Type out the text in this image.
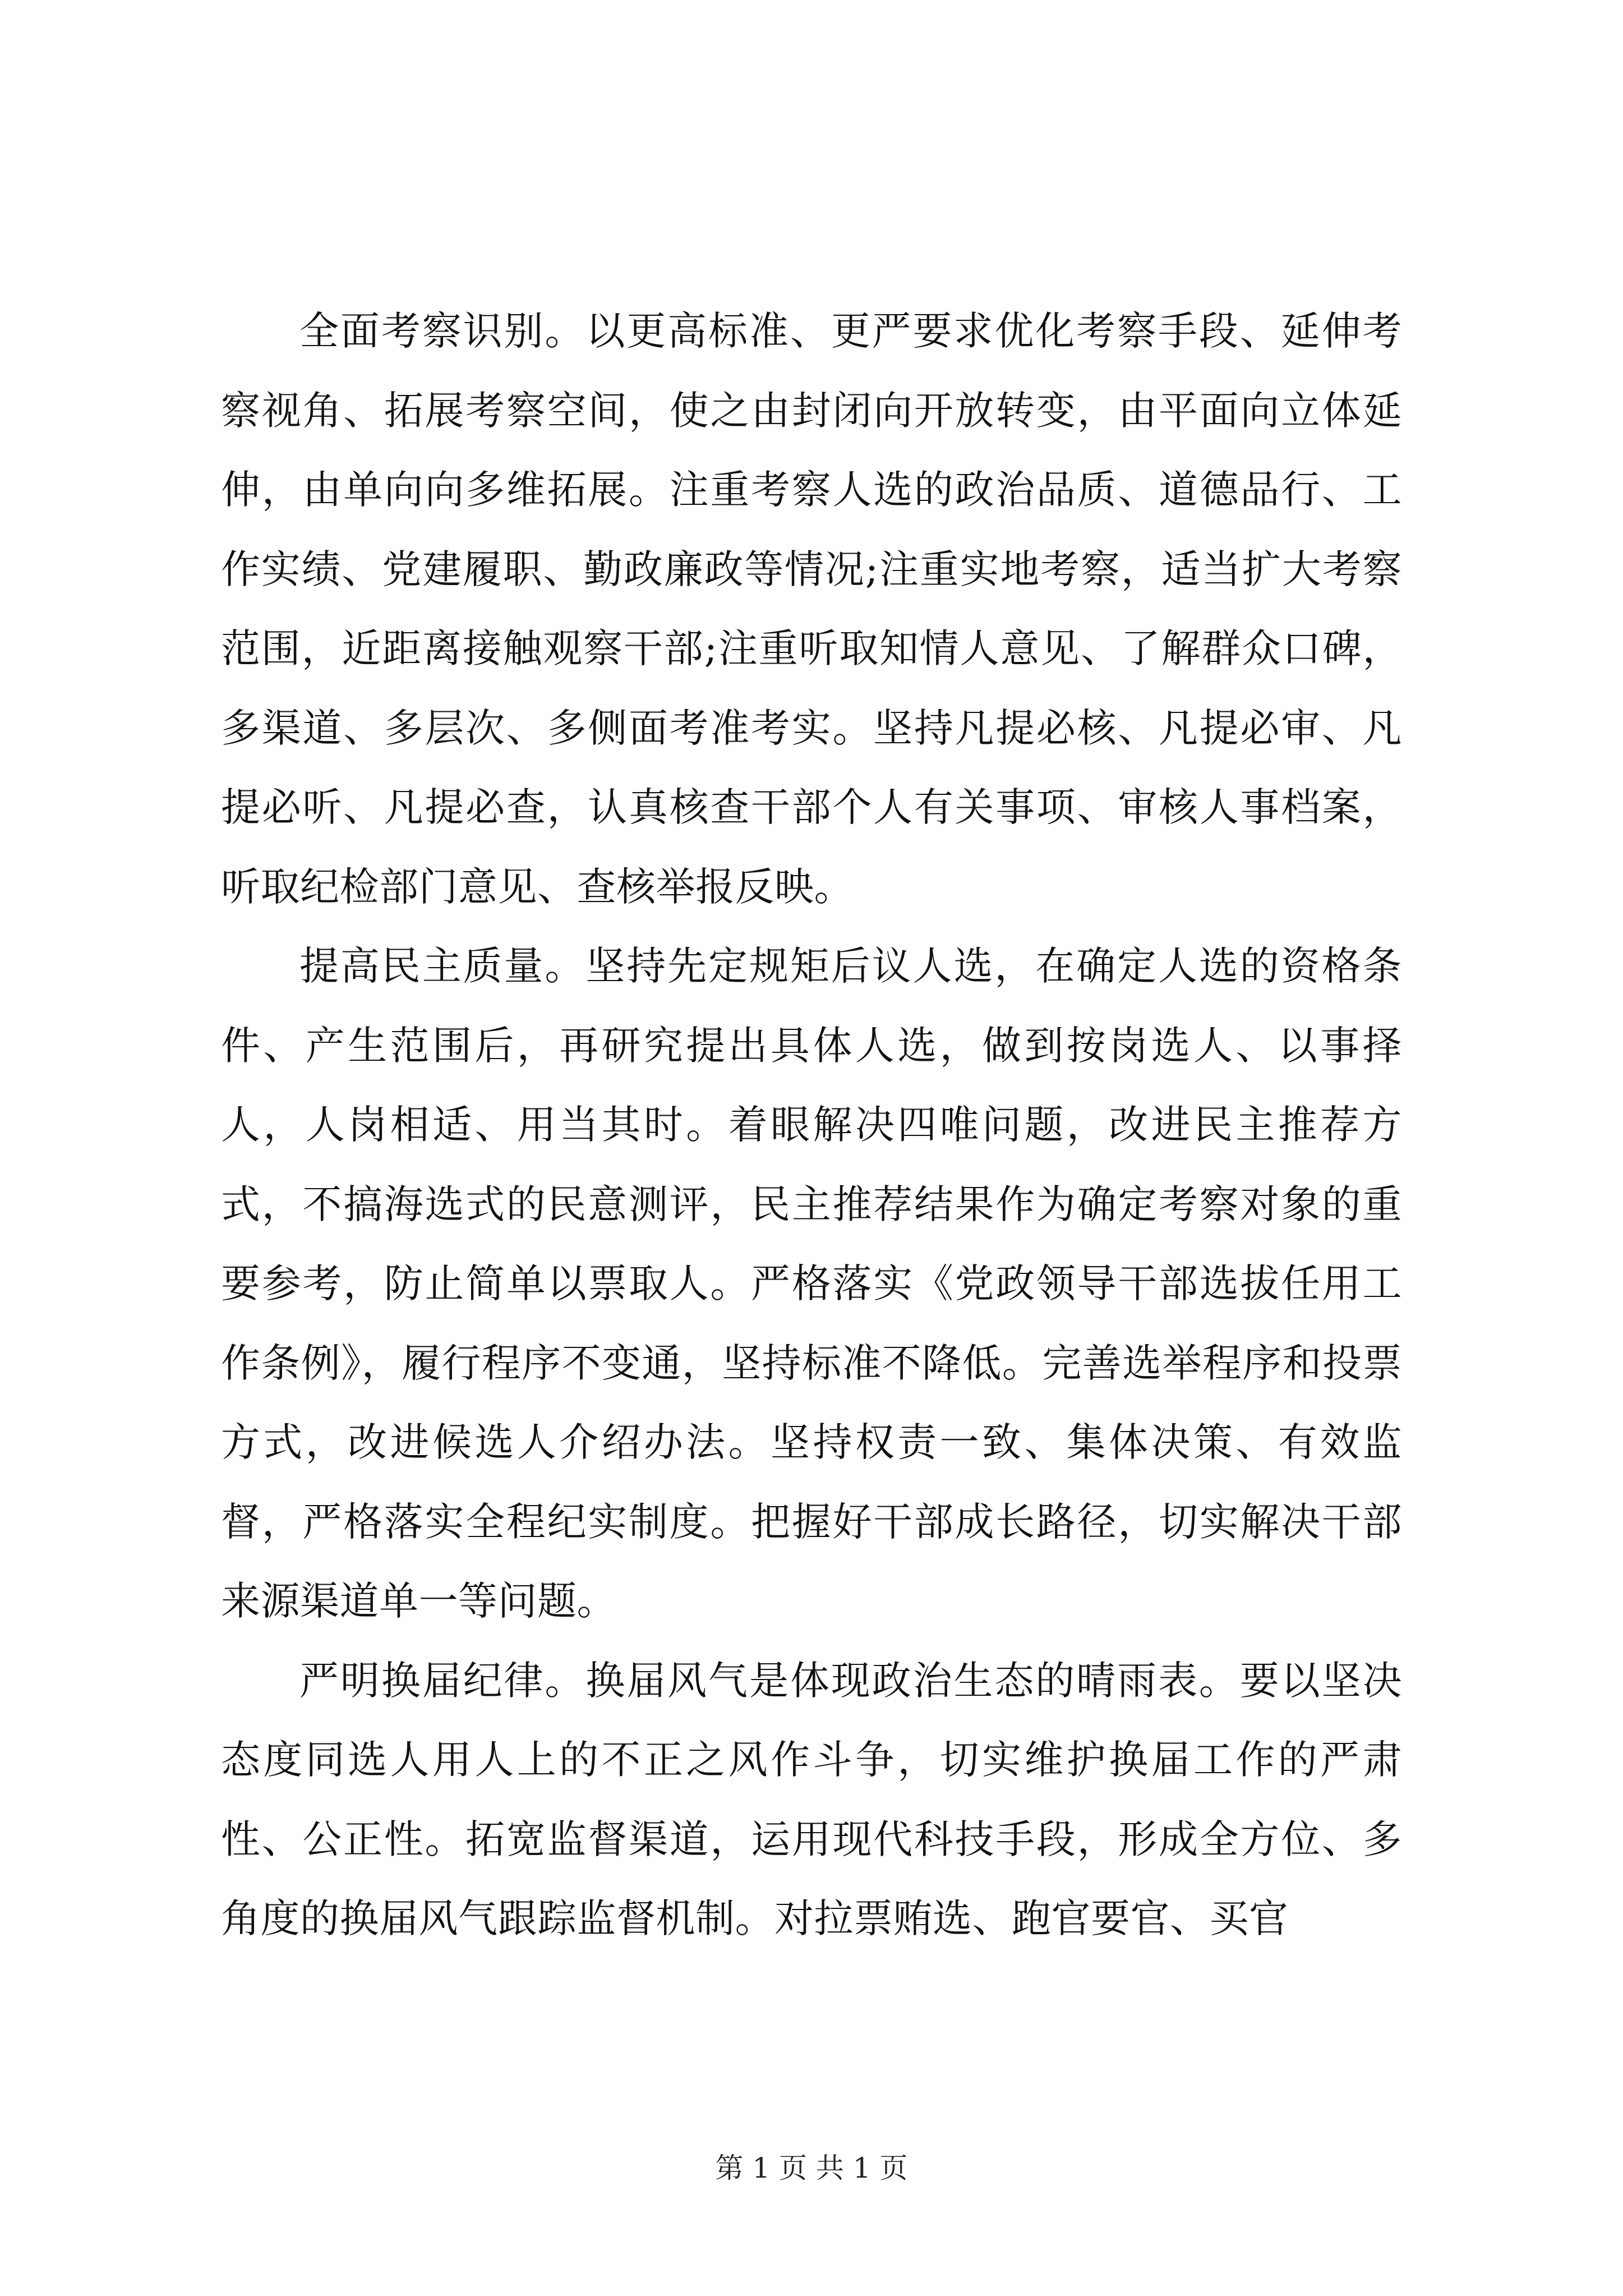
全面考察识别。以更高标准、更严要求优化考察手段、延伸考察视角、拓展考察空间，使之由封闭向开放转变，由平面向立体延伸，由单向向多维拓展。注重考察人选的政治品质、道德品行、工作实绩、党建履职、勤政廉政等情况;注重实地考察，适当扩大考察范围，近距离接触观察干部;注重听取知情人意见、了解群众口碑，多渠道、多层次、多侧面考准考实。坚持凡提必核、凡提必审、凡提必听、凡提必查，认真核查干部个人有关事项、审核人事档案，听取纪检部门意见、查核举报反映。

提高民主质量。坚持先定规矩后议人选，在确定人选的资格条件、产生范围后，再研究提出具体人选，做到按岗选人、以事择人，人岗相适、用当其时。着眼解决四唯问题，改进民主推荐方式，不搞海选式的民意测评，民主推荐结果作为确定考察对象的重要参考，防止简单以票取人。严格落实《党政领导干部选拔任用工作条例》，履行程序不变通，坚持标准不降低。完善选举程序和投票方式，改进候选人介绍办法。坚持权责一致、集体决策、有效监督，严格落实全程纪实制度。把握好干部成长路径，切实解决干部来源渠道单一等问题。

严明换届纪律。换届风气是体现政治生态的晴雨表。要以坚决态度同选人用人上的不正之风作斗争，切实维护换届工作的严肃性、公正性。拓宽监督渠道，运用现代科技手段，形成全方位、多角度的换届风气跟踪监督机制。对拉票贿选、跑官要官、买官

第 1 页 共 1 页
